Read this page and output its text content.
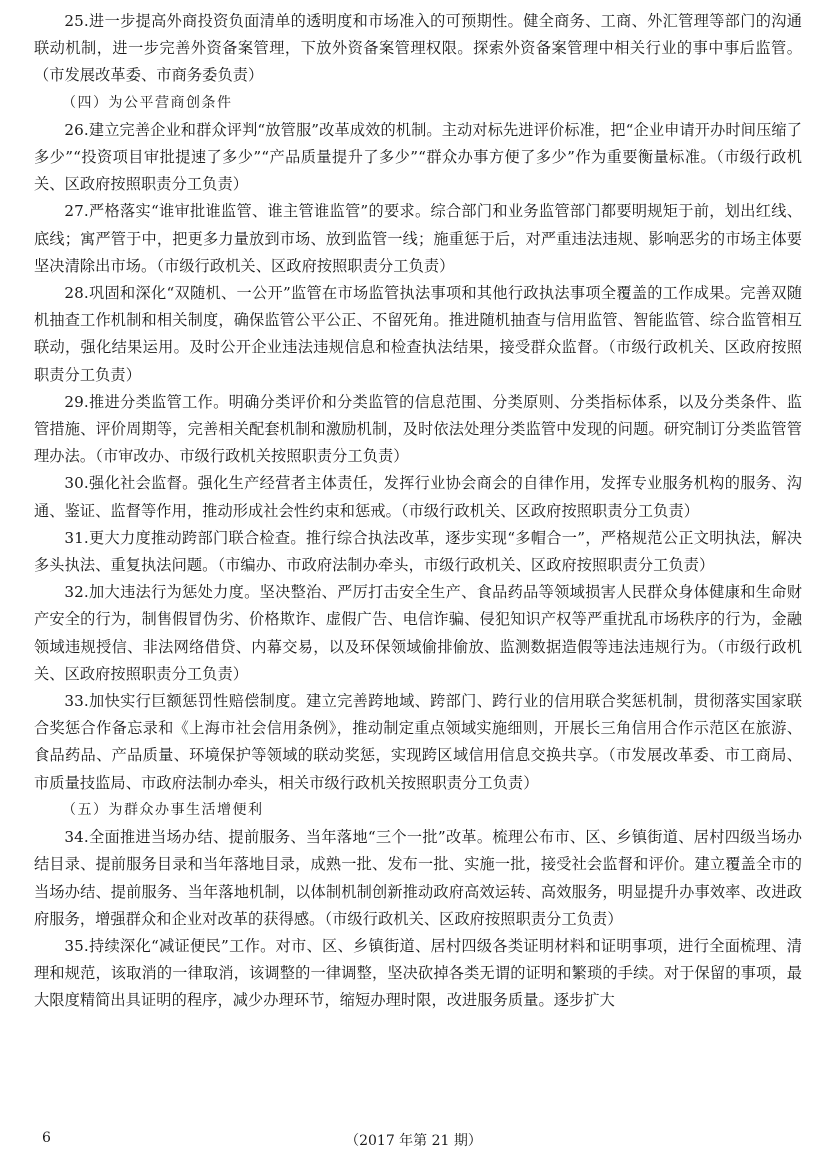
25.进一步提高外商投资负面清单的透明度和市场准入的可预期性。健全商务、工商、外汇管理等部门的沟通联动机制，进一步完善外资备案管理，下放外资备案管理权限。探索外资备案管理中相关行业的事中事后监管。（市发展改革委、市商务委负责）

（四）为公平营商创条件

26.建立完善企业和群众评判“放管服”改革成效的机制。主动对标先进评价标准，把“企业申请开办时间压缩了多少”“投资项目审批提速了多少”“产品质量提升了多少”“群众办事方便了多少”作为重要衡量标准。（市级行政机关、区政府按照职责分工负责）

27.严格落实“谁审批谁监管、谁主管谁监管”的要求。综合部门和业务监管部门都要明规矩于前，划出红线、底线；寓严管于中，把更多力量放到市场、放到监管一线；施重惩于后，对严重违法违规、影响恶劣的市场主体要坚决清除出市场。（市级行政机关、区政府按照职责分工负责）

28.巩固和深化“双随机、一公开”监管在市场监管执法事项和其他行政执法事项全覆盖的工作成果。完善双随机抽查工作机制和相关制度，确保监管公平公正、不留死角。推进随机抽查与信用监管、智能监管、综合监管相互联动，强化结果运用。及时公开企业违法违规信息和检查执法结果，接受群众监督。（市级行政机关、区政府按照职责分工负责）

29.推进分类监管工作。明确分类评价和分类监管的信息范围、分类原则、分类指标体系，以及分类条件、监管措施、评价周期等，完善相关配套机制和激励机制，及时依法处理分类监管中发现的问题。研究制订分类监管管理办法。（市审改办、市级行政机关按照职责分工负责）

30.强化社会监督。强化生产经营者主体责任，发挥行业协会商会的自律作用，发挥专业服务机构的服务、沟通、鉴证、监督等作用，推动形成社会性约束和惩戒。（市级行政机关、区政府按照职责分工负责）

31.更大力度推动跨部门联合检查。推行综合执法改革，逐步实现“多帽合一”，严格规范公正文明执法，解决多头执法、重复执法问题。（市编办、市政府法制办牵头，市级行政机关、区政府按照职责分工负责）

32.加大违法行为惩处力度。坚决整治、严厉打击安全生产、食品药品等领域损害人民群众身体健康和生命财产安全的行为，制售假冒伪劣、价格欺诈、虚假广告、电信诈骗、侵犯知识产权等严重扰乱市场秩序的行为，金融领域违规授信、非法网络借贷、内幕交易，以及环保领域偷排偷放、监测数据造假等违法违规行为。（市级行政机关、区政府按照职责分工负责）

33.加快实行巨额惩罚性赔偿制度。建立完善跨地域、跨部门、跨行业的信用联合奖惩机制，贯彻落实国家联合奖惩合作备忘录和《上海市社会信用条例》，推动制定重点领域实施细则，开展长三角信用合作示范区在旅游、食品药品、产品质量、环境保护等领域的联动奖惩，实现跨区域信用信息交换共享。（市发展改革委、市工商局、市质量技监局、市政府法制办牵头，相关市级行政机关按照职责分工负责）

（五）为群众办事生活增便利

34.全面推进当场办结、提前服务、当年落地“三个一批”改革。梳理公布市、区、乡镇街道、居村四级当场办结目录、提前服务目录和当年落地目录，成熟一批、发布一批、实施一批，接受社会监督和评价。建立覆盖全市的当场办结、提前服务、当年落地机制，以体制机制创新推动政府高效运转、高效服务，明显提升办事效率、改进政府服务，增强群众和企业对改革的获得感。（市级行政机关、区政府按照职责分工负责）

35.持续深化“减证便民”工作。对市、区、乡镇街道、居村四级各类证明材料和证明事项，进行全面梳理、清理和规范，该取消的一律取消，该调整的一律调整，坚决砍掉各类无谓的证明和繁琐的手续。对于保留的事项，最大限度精简出具证明的程序，减少办理环节，缩短办理时限，改进服务质量。逐步扩大

6	（2017 年第 21 期）
